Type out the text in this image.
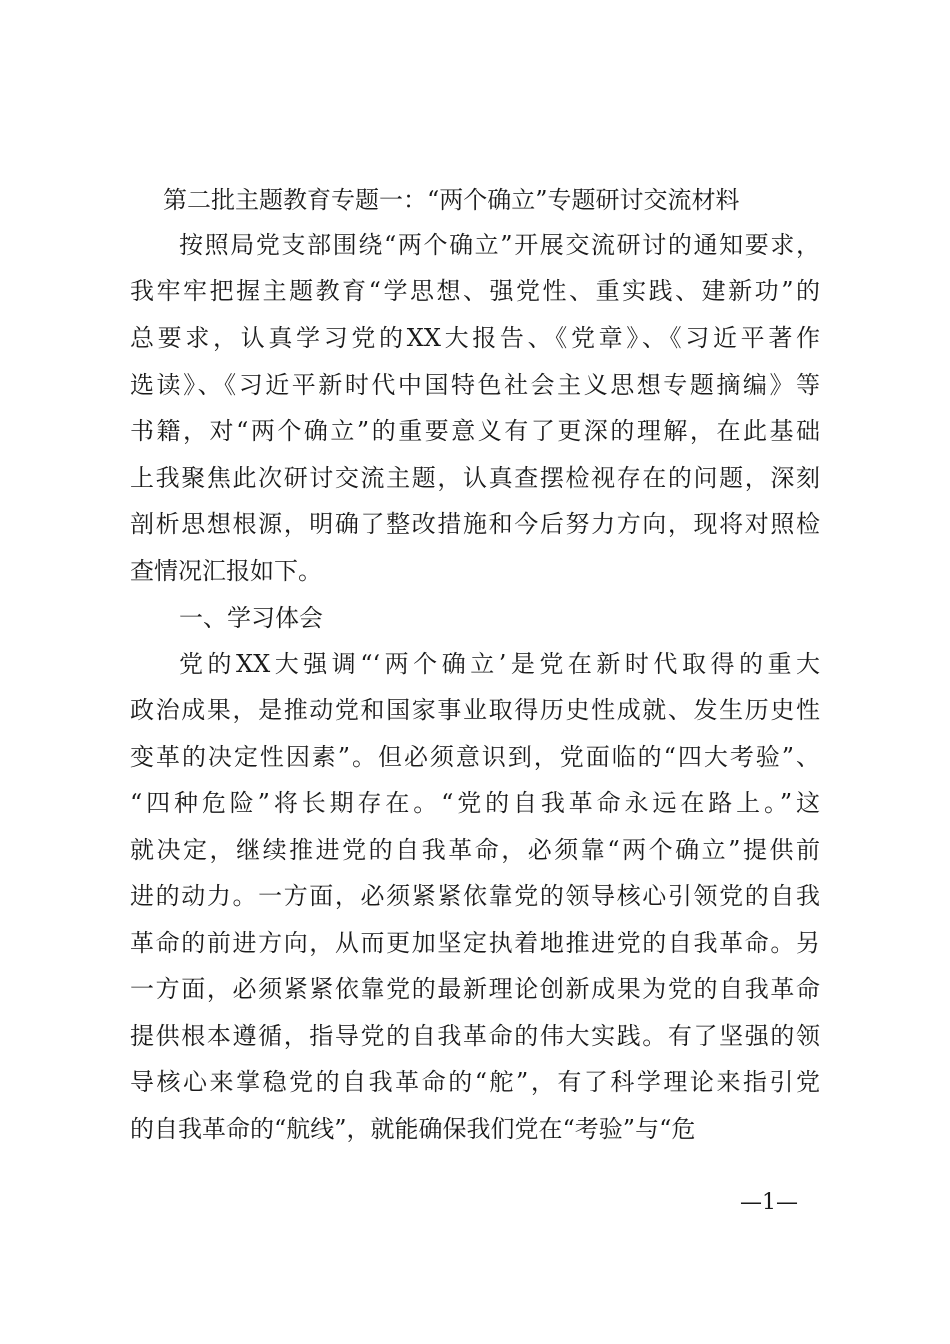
第二批主题教育专题一：“两个确立”专题研讨交流材料
按照局党支部围绕“两个确立”开展交流研讨的通知要求，
我牢牢把握主题教育“学思想、强党性、重实践、建新功”的
总要求，认真学习党的XX大报告、《党章》、《习近平著作
选读》、《习近平新时代中国特色社会主义思想专题摘编》等
书籍，对“两个确立”的重要意义有了更深的理解，在此基础
上我聚焦此次研讨交流主题，认真查摆检视存在的问题，深刻
剖析思想根源，明确了整改措施和今后努力方向，现将对照检
查情况汇报如下。
一、学习体会
党的XX大强调“‘两个确立’是党在新时代取得的重大
政治成果，是推动党和国家事业取得历史性成就、发生历史性
变革的决定性因素”。但必须意识到，党面临的“四大考验”、
“四种危险”将长期存在。“党的自我革命永远在路上。”这
就决定，继续推进党的自我革命，必须靠“两个确立”提供前
进的动力。一方面，必须紧紧依靠党的领导核心引领党的自我
革命的前进方向，从而更加坚定执着地推进党的自我革命。另
一方面，必须紧紧依靠党的最新理论创新成果为党的自我革命
提供根本遵循，指导党的自我革命的伟大实践。有了坚强的领
导核心来掌稳党的自我革命的“舵”，有了科学理论来指引党
的自我革命的“航线”，就能确保我们党在“考验”与“危
—1—
